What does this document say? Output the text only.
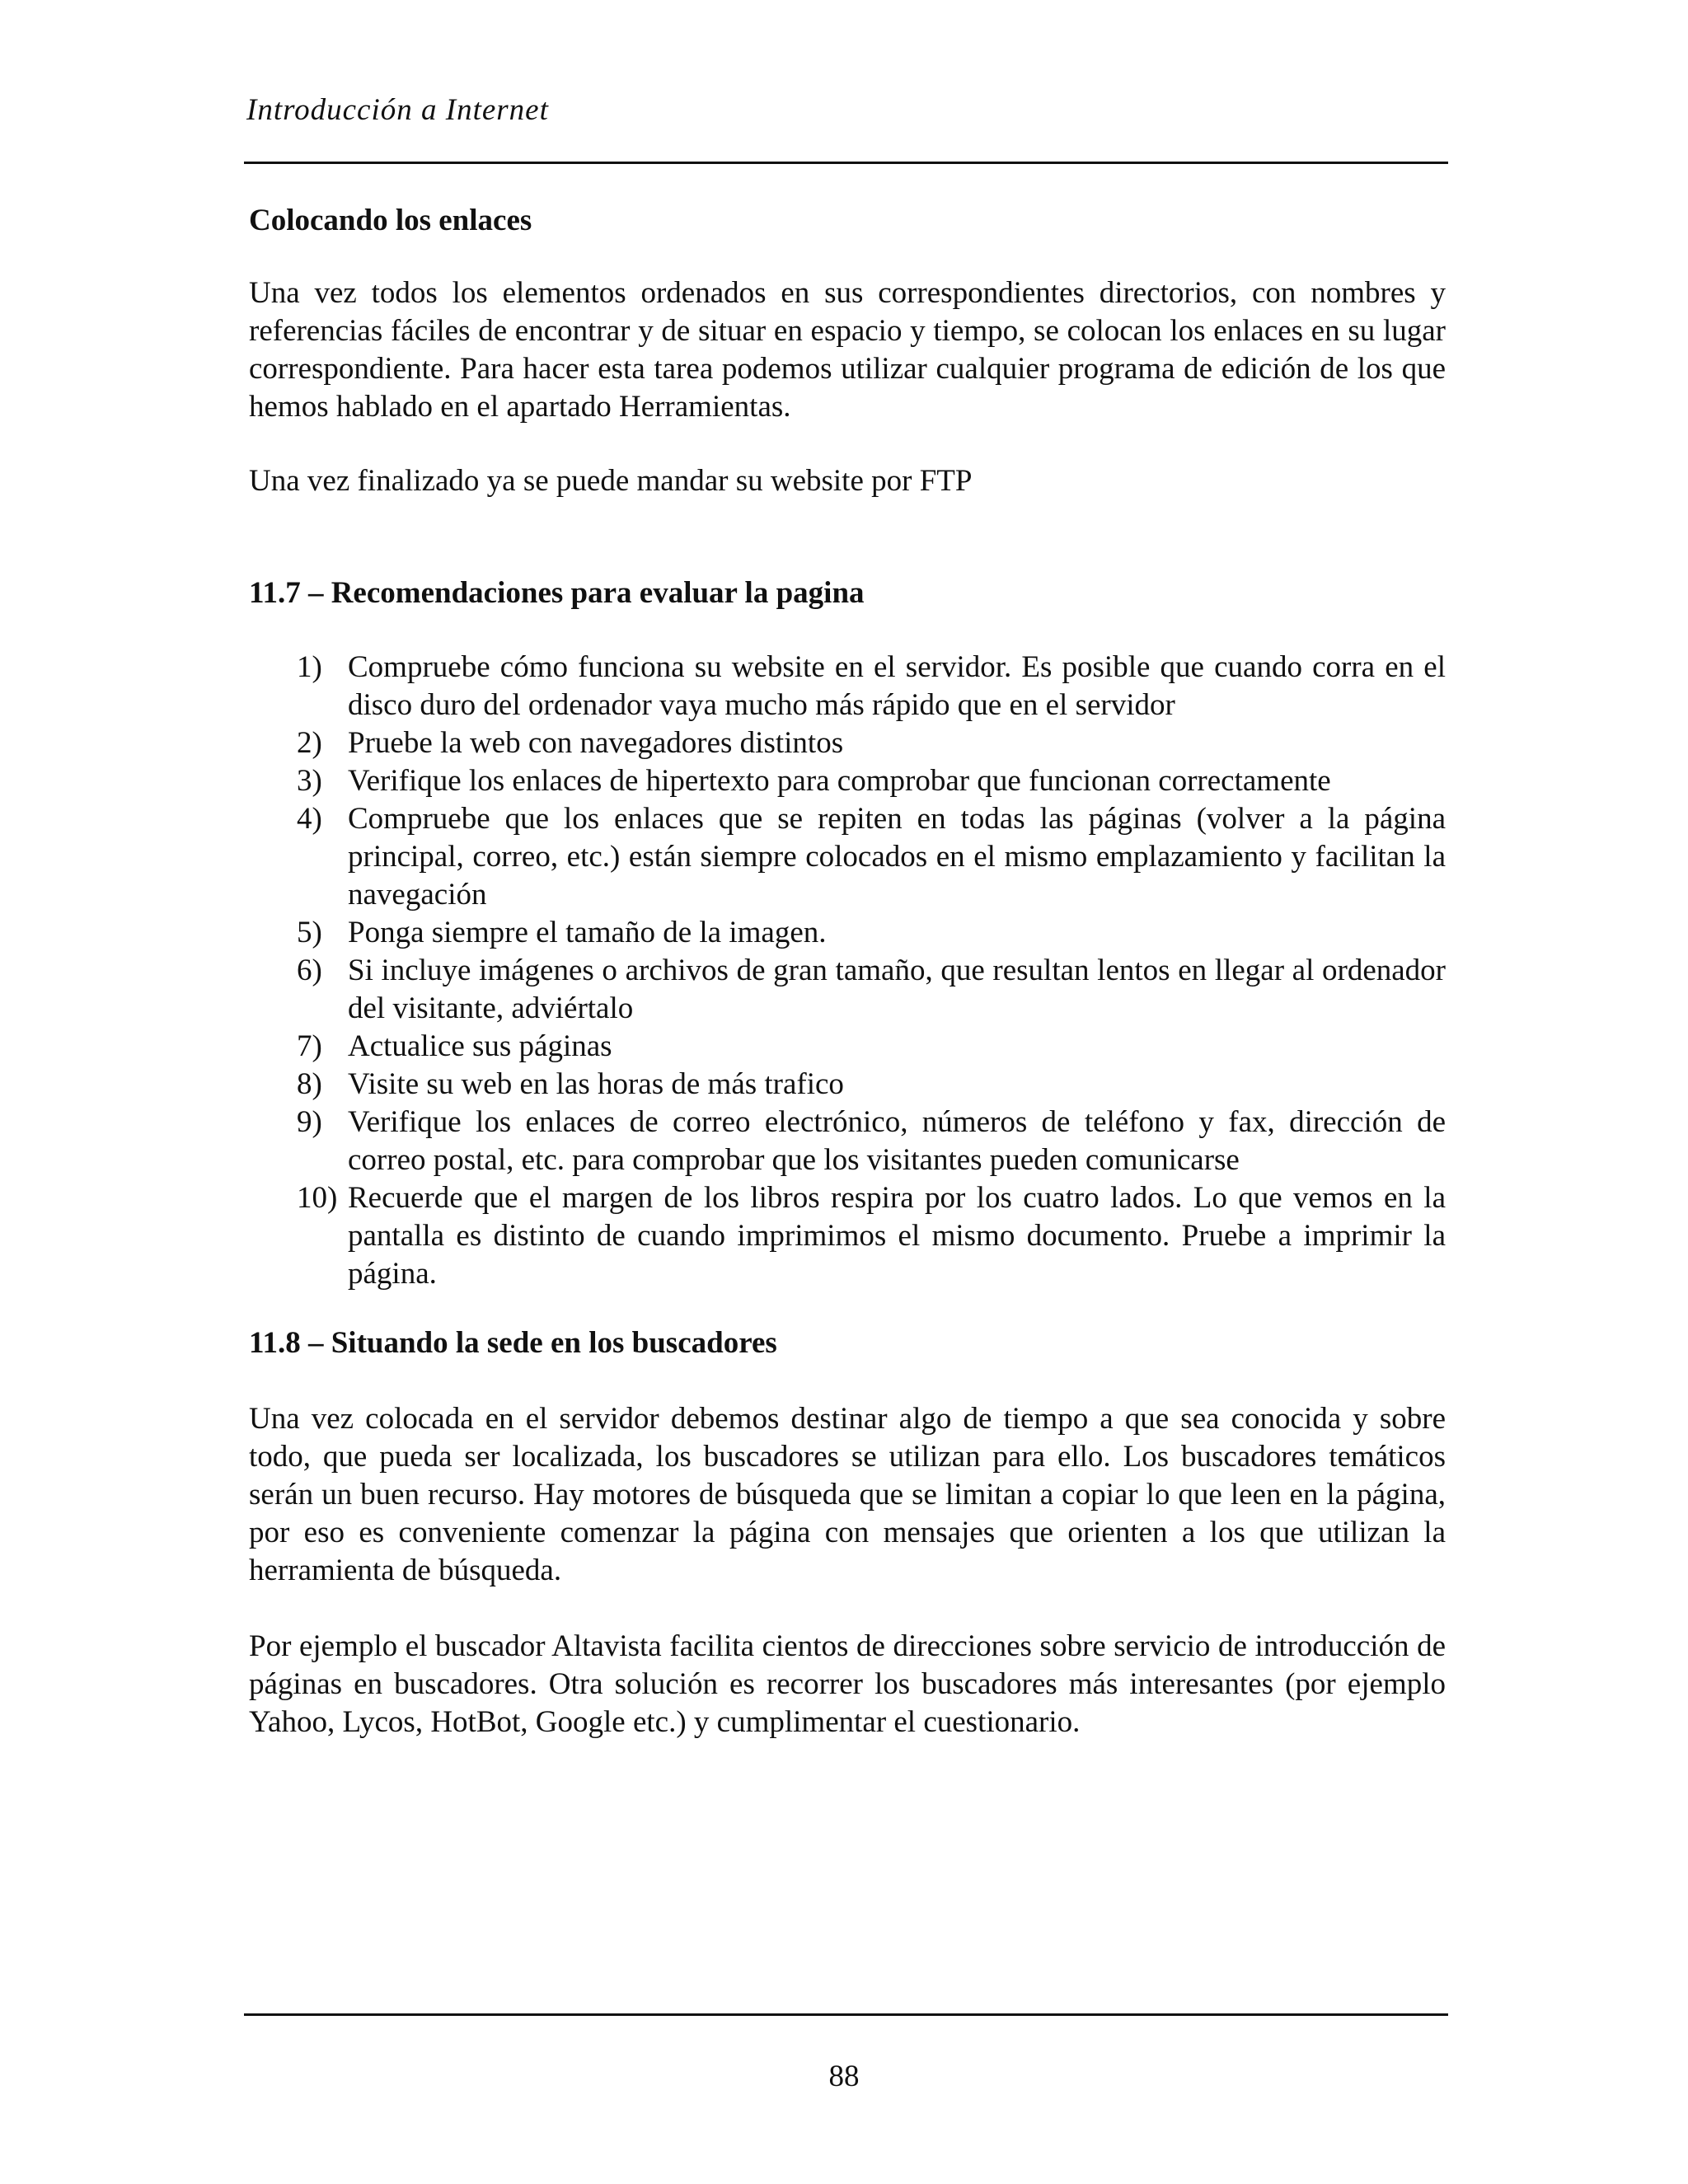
Introducción a Internet
Colocando los enlaces

Una vez todos los elementos ordenados en sus correspondientes directorios, con nombres y referencias fáciles de encontrar y de situar en espacio y tiempo, se colocan los enlaces en su lugar correspondiente. Para hacer esta tarea podemos utilizar cualquier programa de edición de los que hemos hablado en el apartado Herramientas.

Una vez finalizado ya se puede mandar su website por FTP

11.7 – Recomendaciones para evaluar la pagina
1) Compruebe cómo funciona su website en el servidor. Es posible que cuando corra en el disco duro del ordenador vaya mucho más rápido que en el servidor
2) Pruebe la web con navegadores distintos
3) Verifique los enlaces de hipertexto para comprobar que funcionan correctamente
4) Compruebe que los enlaces que se repiten en todas las páginas (volver a la página principal, correo, etc.) están siempre colocados en el mismo emplazamiento y facilitan la navegación
5) Ponga siempre el tamaño de la imagen.
6) Si incluye imágenes o archivos de gran tamaño, que resultan lentos en llegar al ordenador del visitante, adviértalo
7) Actualice sus páginas
8) Visite su web en las horas de más trafico
9) Verifique los enlaces de correo electrónico, números de teléfono y fax, dirección de correo postal, etc. para comprobar que los visitantes pueden comunicarse
10) Recuerde que el margen de los libros respira por los cuatro lados. Lo que vemos en la pantalla es distinto de cuando imprimimos el mismo documento. Pruebe a imprimir la página.
11.8 – Situando la sede en los buscadores

Una vez colocada en el servidor debemos destinar algo de tiempo a que sea conocida y sobre todo, que pueda ser localizada, los buscadores se utilizan para ello. Los buscadores temáticos serán un buen recurso. Hay motores de búsqueda que se limitan a copiar lo que leen en la página, por eso es conveniente comenzar la página con mensajes que orienten a los que utilizan la herramienta de búsqueda.

Por ejemplo el buscador Altavista facilita cientos de direcciones sobre servicio de introducción de páginas en buscadores. Otra solución es recorrer los buscadores más interesantes (por ejemplo Yahoo, Lycos, HotBot, Google etc.) y cumplimentar el cuestionario.

88
